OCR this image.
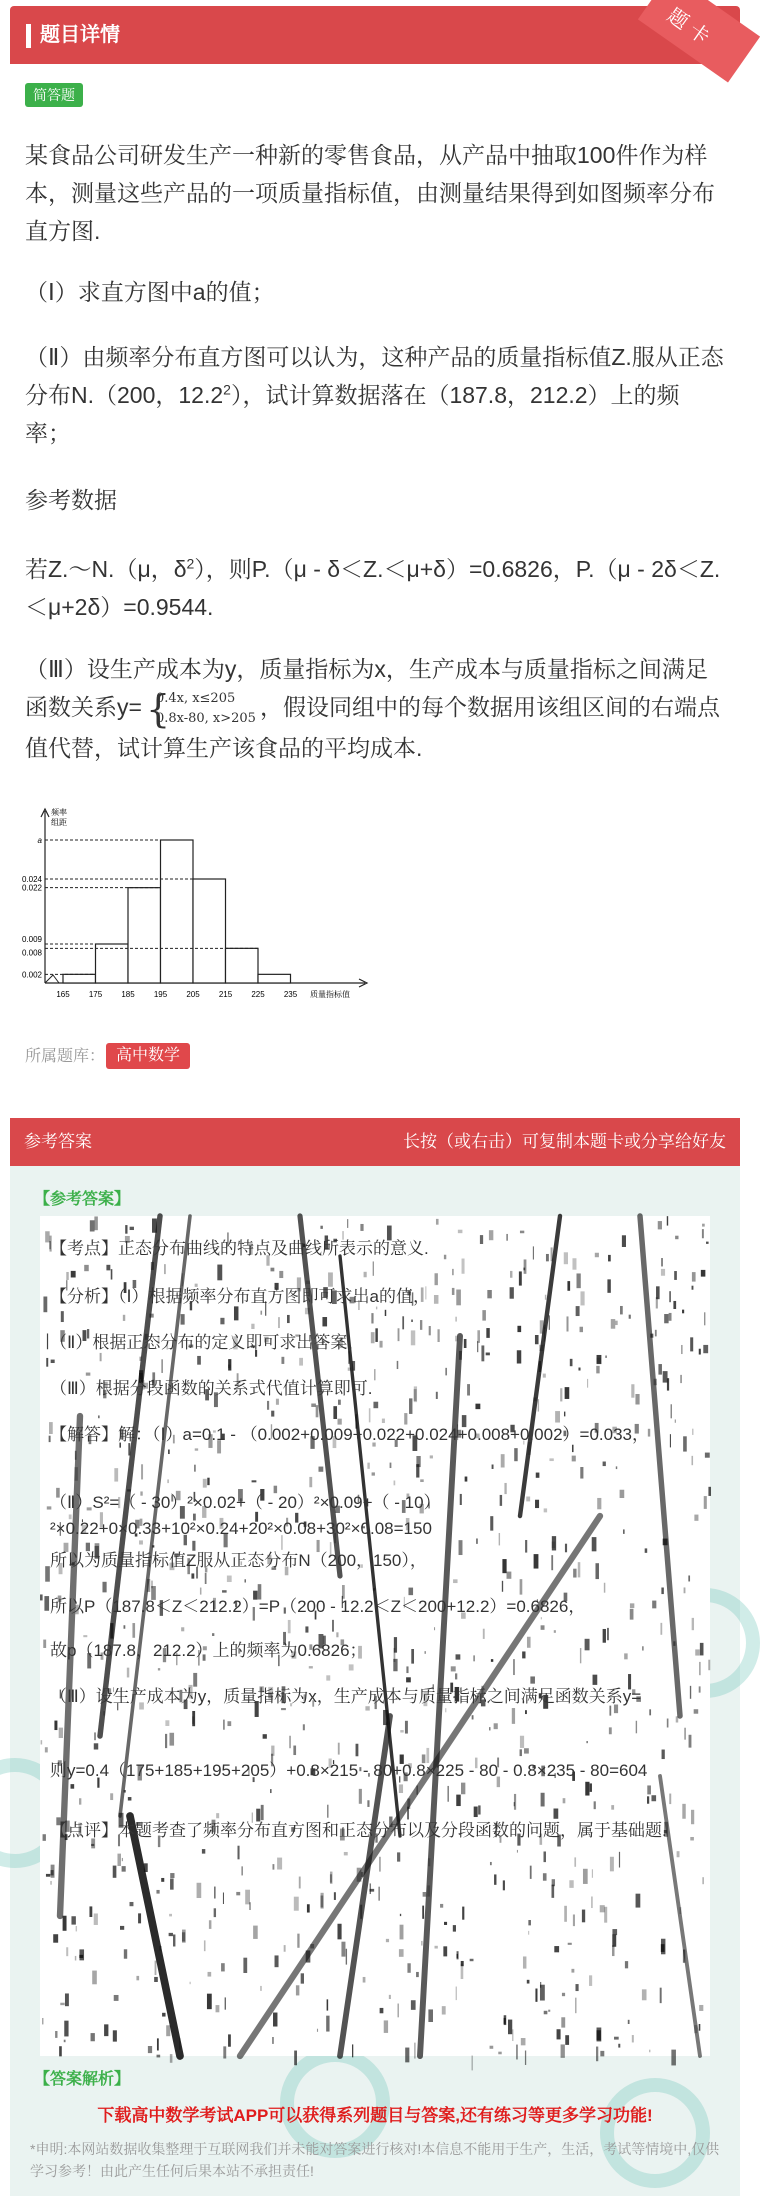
题目详情	题卡
简答题
某食品公司研发生产一种新的零售食品，从产品中抽取100件作为样本，测量这些产品的一项质量指标值，由测量结果得到如图频率分布直方图.
（Ⅰ）求直方图中a的值；
（Ⅱ）由频率分布直方图可以认为，这种产品的质量指标值Z.服从正态分布N.（200，12.2$^2$），试计算数据落在（187.8，212.2）上的频率；
参考数据
若Z.～N.（μ，$\delta^2$），则P.（μ - δ＜Z.＜μ+δ）=0.6826，P.（μ - 2δ＜Z.＜μ+2δ）=0.9544.
（Ⅲ）设生产成本为y，质量指标为x，生产成本与质量指标之间满足函数关系y= {
0.4x, x≤205
0.8x-80, x>205 ，假设同组中的每个数据用该组区间的右端点值代替，试计算生产该食品的平均成本.
a
0.024
0.022
0.009
0.008
0.002
165 175 185 195 205 215 225 235 质量指标值
频率
组距
所属题库： 高中数学
参考答案	长按（或右击）可复制本题卡或分享给好友
【参考答案】
【考点】正态分布曲线的特点及曲线所表示的意义.
【分析】（Ⅰ）根据频率分布直方图即可求出a的值，
（Ⅱ）根据正态分布的定义即可求出答案，
（Ⅲ）根据分段函数的关系式代值计算即可.
【解答】解：（Ⅰ）a=0.1 - （0.002+0.009+0.022+0.024+0.008+0.002）=0.033，
（Ⅱ）S²=（ - 30）²×0.02+（ - 20）²×0.09+（ - 10）²×0.22+0×0.33+10²×0.24+20²×0.08+30²×0.08=150
所以为质量指标值Z服从正态分布N（200，150），
所以P（187.8＜Z＜212.2）=P（200 - 12.2＜Z＜200+12.2）=0.6826，
故p（187.8，212.2）上的频率为0.6826；
（Ⅲ）设生产成本为y，质量指标为x，生产成本与质量指标之间满足函数关系y=
则y=0.4（175+185+195+205）+0.8×215 - 80+0.8×225 - 80 - 0.8×235 - 80=604
【点评】本题考查了频率分布直方图和正态分布以及分段函数的问题，属于基础题.
【答案解析】
下载高中数学考试APP可以获得系列题目与答案,还有练习等更多学习功能!
*申明:本网站数据收集整理于互联网我们并未能对答案进行核对!本信息不能用于生产，生活，考试等情境中,仅供学习参考！由此产生任何后果本站不承担责任!
